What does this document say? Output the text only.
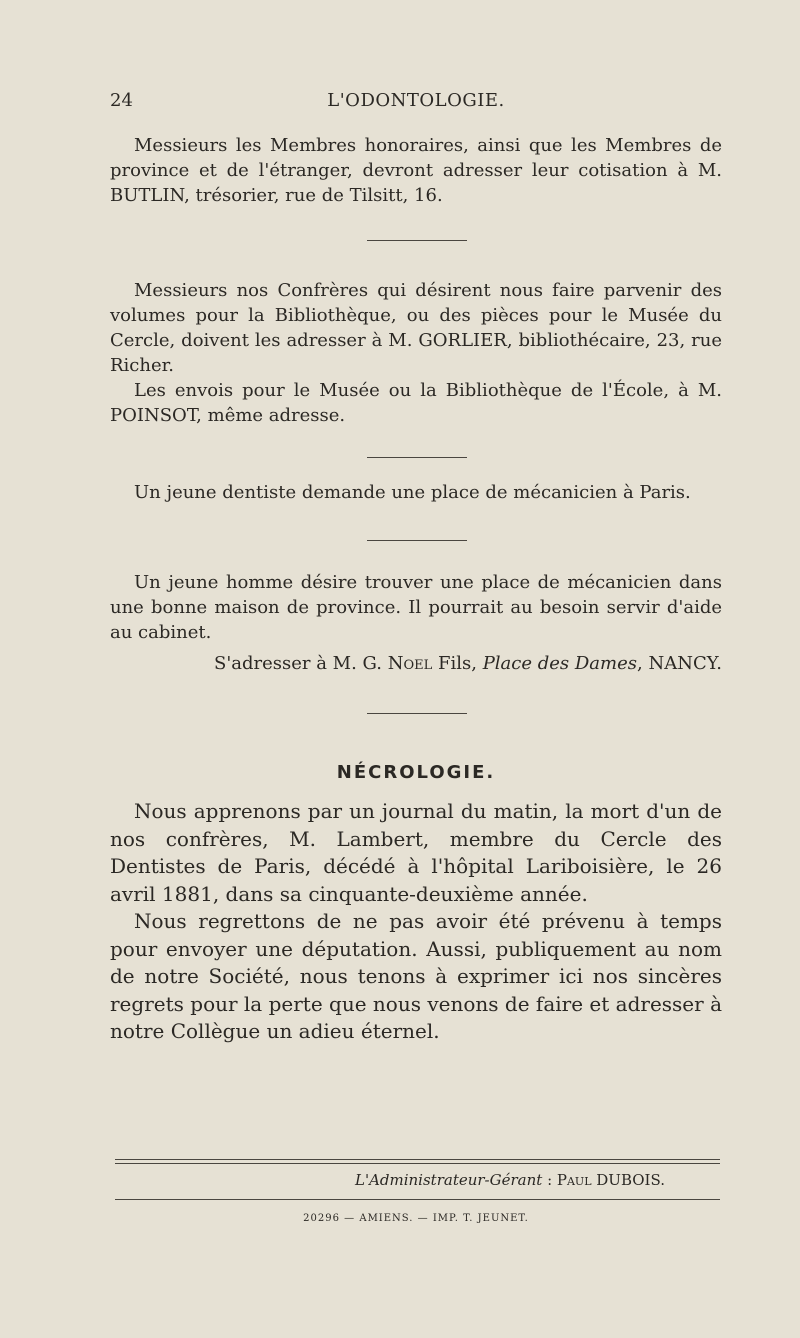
24	L'ODONTOLOGIE.

Messieurs les Membres honoraires, ainsi que les Membres de province et de l'étranger, devront adresser leur cotisation à M. BUTLIN, trésorier, rue de Tilsitt, 16.

Messieurs nos Confrères qui désirent nous faire parvenir des volumes pour la Bibliothèque, ou des pièces pour le Musée du Cercle, doivent les adresser à M. GORLIER, bibliothécaire, 23, rue Richer.

Les envois pour le Musée ou la Bibliothèque de l'École, à M. POINSOT, même adresse.

Un jeune dentiste demande une place de mécanicien à Paris.

Un jeune homme désire trouver une place de mécanicien dans une bonne maison de province. Il pourrait au besoin servir d'aide au cabinet.

S'adresser à M. G. Noel Fils, Place des Dames, NANCY.

NÉCROLOGIE.

Nous apprenons par un journal du matin, la mort d'un de nos confrères, M. Lambert, membre du Cercle des Dentistes de Paris, décédé à l'hôpital Lariboisière, le 26 avril 1881, dans sa cinquante-deuxième année.

Nous regrettons de ne pas avoir été prévenu à temps pour envoyer une députation. Aussi, publiquement au nom de notre Société, nous tenons à exprimer ici nos sincères regrets pour la perte que nous venons de faire et adresser à notre Collègue un adieu éternel.

L'Administrateur-Gérant : Paul DUBOIS.
20296 — AMIENS. — IMP. T. JEUNET.
